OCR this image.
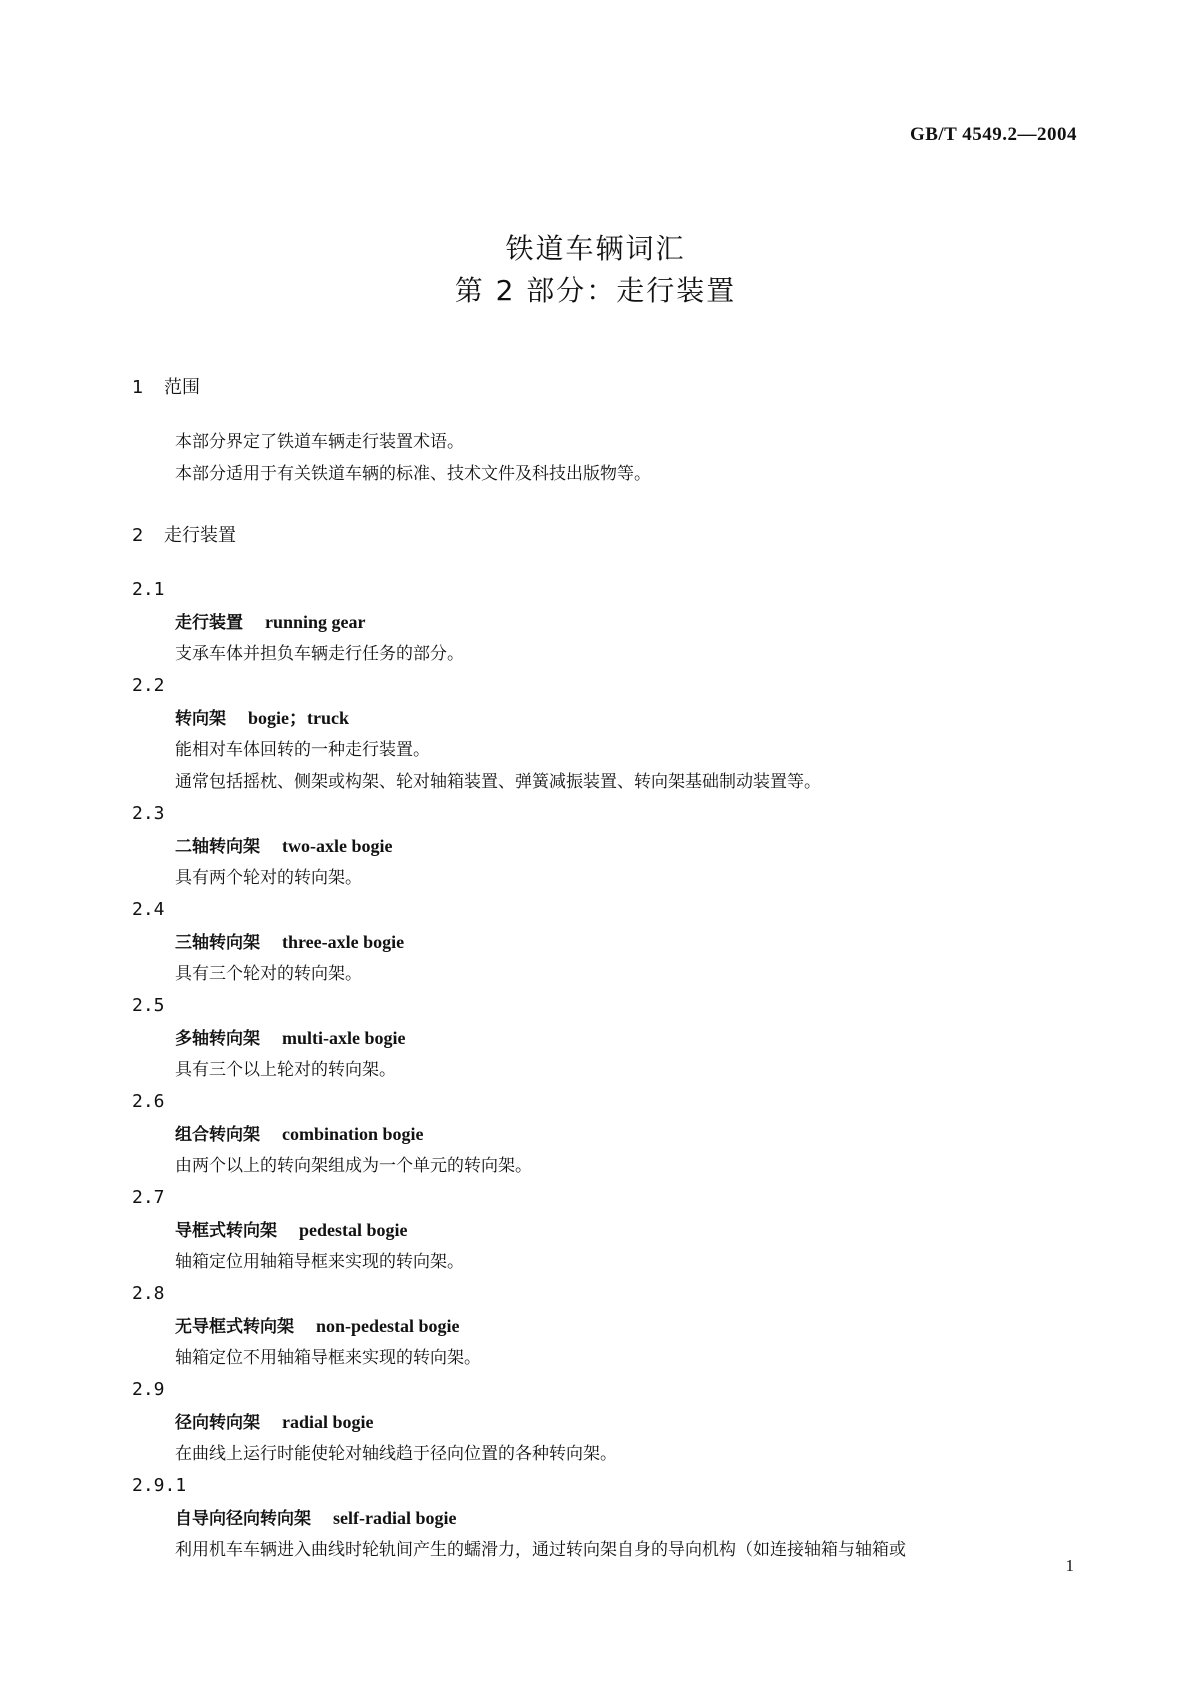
GB/T 4549.2—2004
铁道车辆词汇
第 2 部分：走行装置
1 范围
本部分界定了铁道车辆走行装置术语。
本部分适用于有关铁道车辆的标准、技术文件及科技出版物等。
2 走行装置
2.1
走行装置 running gear
支承车体并担负车辆走行任务的部分。
2.2
转向架 bogie；truck
能相对车体回转的一种走行装置。
通常包括摇枕、侧架或构架、轮对轴箱装置、弹簧减振装置、转向架基础制动装置等。
2.3
二轴转向架 two-axle bogie
具有两个轮对的转向架。
2.4
三轴转向架 three-axle bogie
具有三个轮对的转向架。
2.5
多轴转向架 multi-axle bogie
具有三个以上轮对的转向架。
2.6
组合转向架 combination bogie
由两个以上的转向架组成为一个单元的转向架。
2.7
导框式转向架 pedestal bogie
轴箱定位用轴箱导框来实现的转向架。
2.8
无导框式转向架 non-pedestal bogie
轴箱定位不用轴箱导框来实现的转向架。
2.9
径向转向架 radial bogie
在曲线上运行时能使轮对轴线趋于径向位置的各种转向架。
2.9.1
自导向径向转向架 self-radial bogie
利用机车车辆进入曲线时轮轨间产生的蠕滑力，通过转向架自身的导向机构（如连接轴箱与轴箱或
1
